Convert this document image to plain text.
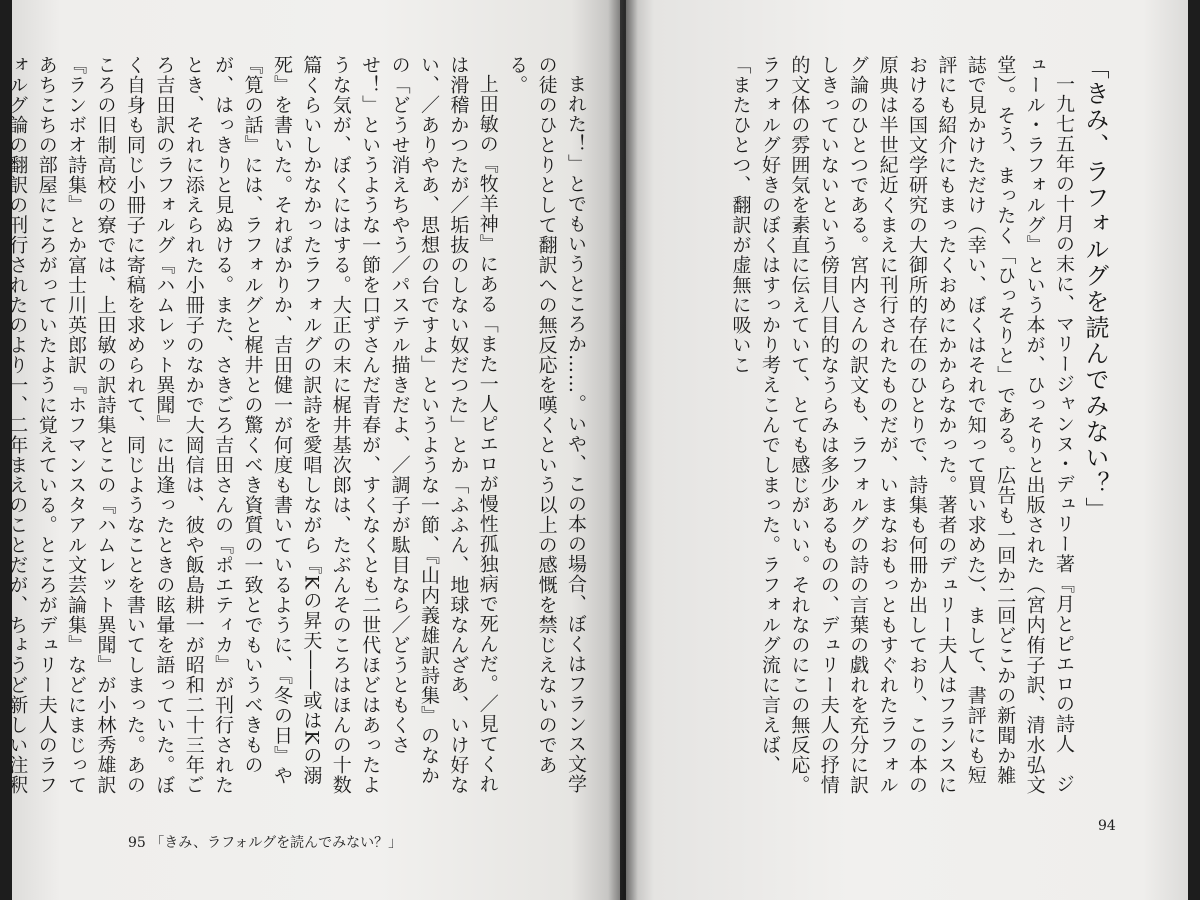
まれた！」とでもいうところか……。いや、この本の場合、ぼくはフランス文学の徒のひとりとして翻訳への無反応を嘆くという以上の感慨を禁じえないのである。

上田敏の『牧羊神』にある「また一人ピエロが慢性孤独病で死んだ。／見てくれは滑稽かつたが／垢抜のしない奴だつた」とか「ふふん、地球なんざあ、いけ好ない、／ありやあ、思想の台ですよ」というような一節、『山内義雄訳詩集』のなかの「どうせ消えちやう／パステル描きだよ、／調子が駄目なら／どうともくさせ！」というような一節を口ずさんだ青春が、すくなくとも二世代ほどはあったような気が、ぼくにはする。大正の末に梶井基次郎は、たぶんそのころはほんの十数篇くらいしかなかったラフォルグの訳詩を愛唱しながら『Kの昇天――或はKの溺死』を書いた。それぱかりか、吉田健一が何度も書いているように、『冬の日』や『筧の話』には、ラフォルグと梶井との驚くべき資質の一致とでもいうべきものが、はっきりと見ぬける。また、さきごろ吉田さんの『ポエティカ』が刊行されたとき、それに添えられた小冊子のなかで大岡信は、彼や飯島耕一が昭和二十三年ごろ吉田訳のラフォルグ『ハムレット異聞』に出逢ったときの眩暈を語っていた。ぼく自身も同じ小冊子に寄稿を求められて、同じようなことを書いてしまった。あのころの旧制高校の寮では、上田敏の訳詩集とこの『ハムレット異聞』が小林秀雄訳『ランボオ詩集』とか富士川英郎訳『ホフマンスタアル文芸論集』などにまじってあちこちの部屋にころがっていたように覚えている。ところがデュリー夫人のラフォルグ論の翻訳の刊行されたのより一、二年まえのことだが、ちょうど新しい注釈	一九七五年の十月の末に、マリージャンヌ・デュリー著『月とピエロの詩人　ジュール・ラフォルグ』という本が、ひっそりと出版された（宮内侑子訳、清水弘文堂）。そう、まったく「ひっそりと」である。広告も一回か二回どこかの新聞か雑誌で見かけただけ（幸い、ぼくはそれで知って買い求めた）、まして、書評にも短評にも紹介にもまったくおめにかからなかった。著者のデュリー夫人はフランスにおける国文学研究の大御所的存在のひとりで、詩集も何冊か出しており、この本の原典は半世紀近くまえに刊行されたものだが、いまなおもっともすぐれたラフォルグ論のひとつである。宮内さんの訳文も、ラフォルグの詩の言葉の戯れを充分に訳しきっていないという傍目八目的なうらみは多少あるものの、デュリー夫人の抒情的文体の雰囲気を素直に伝えていて、とても感じがいい。それなのにこの無反応。ラフォルグ好きのぼくはすっかり考えこんでしまった。ラフォルグ流に言えば、「またひとつ、翻訳が虚無に吸いこ	「きみ、ラフォルグを読んでみない？」
95 「きみ、ラフォルグを読んでみない？」
94
